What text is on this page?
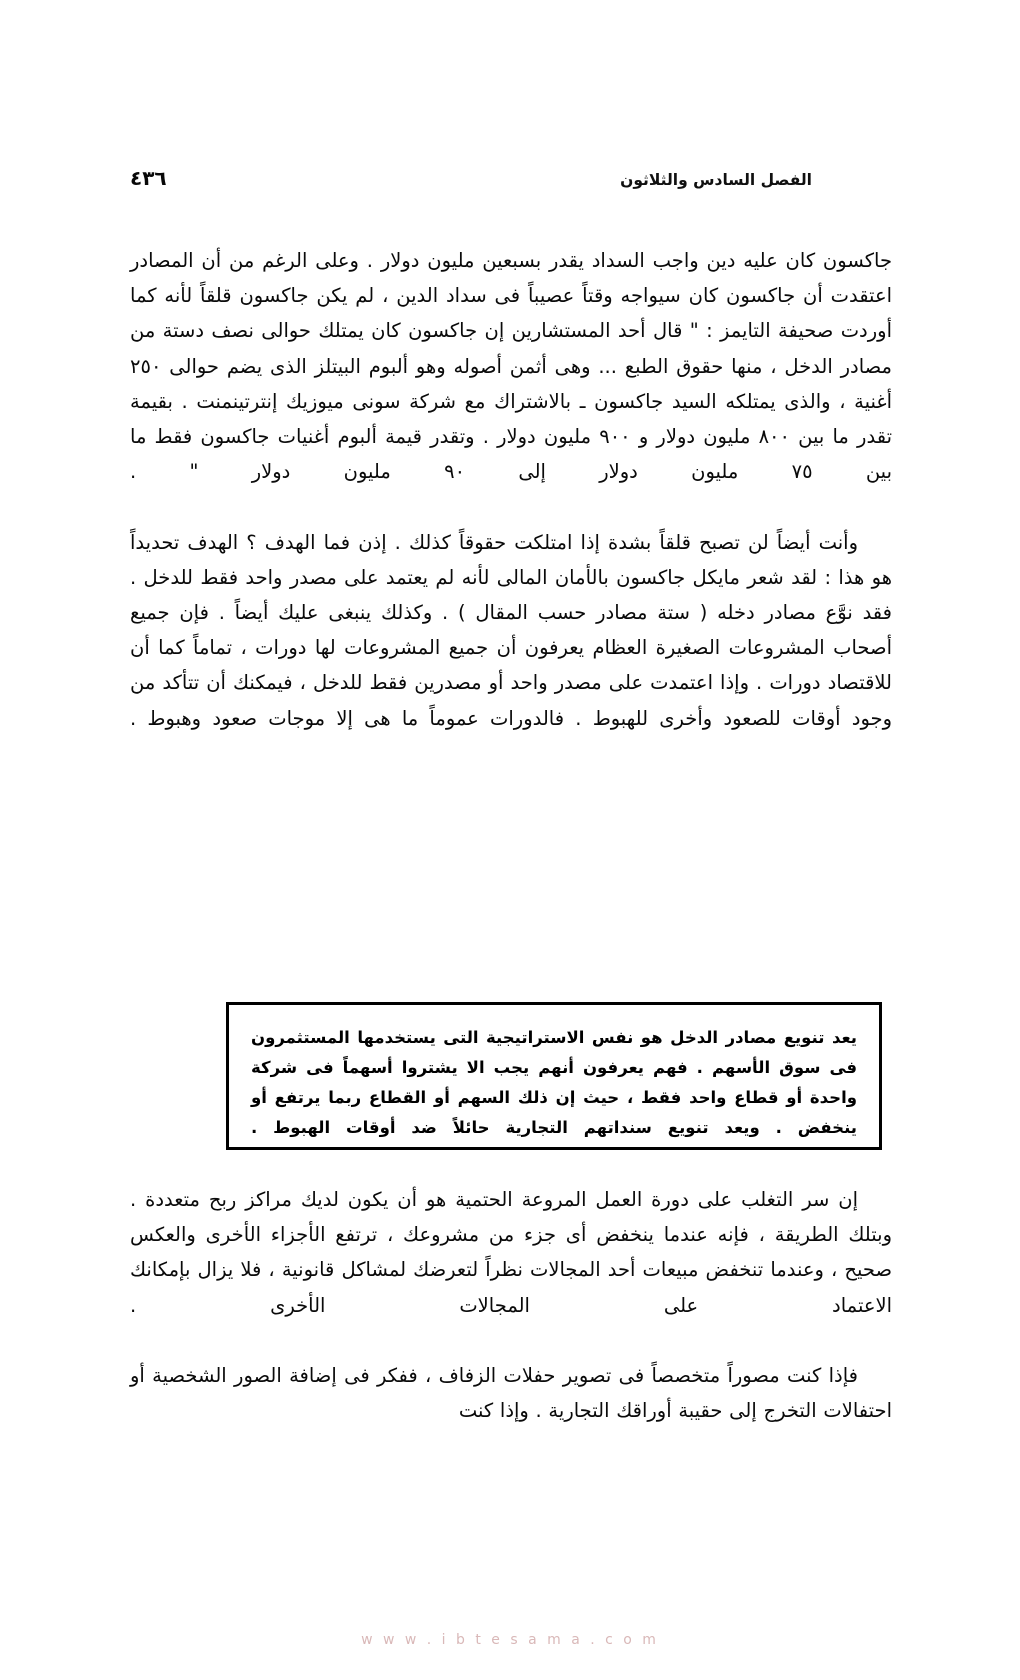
٤٣٦	الفصل السادس والثلاثون

جاكسون كان عليه دين واجب السداد يقدر بسبعين مليون دولار . وعلى الرغم من أن المصادر اعتقدت أن جاكسون كان سيواجه وقتاً عصيباً فى سداد الدين ، لم يكن جاكسون قلقاً لأنه كما أوردت صحيفة التايمز : " قال أحد المستشارين إن جاكسون كان يمتلك حوالى نصف دستة من مصادر الدخل ، منها حقوق الطبع ... وهى أثمن أصوله وهو ألبوم البيتلز الذى يضم حوالى ٢٥٠ أغنية ، والذى يمتلكه السيد جاكسون ـ بالاشتراك مع شركة سونى ميوزيك إنترتينمنت . بقيمة تقدر ما بين ٨٠٠ مليون دولار و ٩٠٠ مليون دولار . وتقدر قيمة ألبوم أغنيات جاكسون فقط ما بين ٧٥ مليون دولار إلى ٩٠ مليون دولار " .

وأنت أيضاً لن تصبح قلقاً بشدة إذا امتلكت حقوقاً كذلك . إذن فما الهدف ؟ الهدف تحديداً هو هذا : لقد شعر مايكل جاكسون بالأمان المالى لأنه لم يعتمد على مصدر واحد فقط للدخل . فقد نوَّع مصادر دخله ( ستة مصادر حسب المقال ) . وكذلك ينبغى عليك أيضاً . فإن جميع أصحاب المشروعات الصغيرة العظام يعرفون أن جميع المشروعات لها دورات ، تماماً كما أن للاقتصاد دورات . وإذا اعتمدت على مصدر واحد أو مصدرين فقط للدخل ، فيمكنك أن تتأكد من وجود أوقات للصعود وأخرى للهبوط . فالدورات عموماً ما هى إلا موجات صعود وهبوط .

يعد تنويع مصادر الدخل هو نفس الاستراتيجية التى يستخدمها المستثمرون فى سوق الأسهم . فهم يعرفون أنهم يجب الا يشتروا أسهماً فى شركة واحدة أو قطاع واحد فقط ، حيث إن ذلك السهم أو القطاع ربما يرتفع أو ينخفض . ويعد تنويع سنداتهم التجارية حائلاً ضد أوقات الهبوط .

إن سر التغلب على دورة العمل المروعة الحتمية هو أن يكون لديك مراكز ربح متعددة . وبتلك الطريقة ، فإنه عندما ينخفض أى جزء من مشروعك ، ترتفع الأجزاء الأخرى والعكس صحيح ، وعندما تنخفض مبيعات أحد المجالات نظراً لتعرضك لمشاكل قانونية ، فلا يزال بإمكانك الاعتماد على المجالات الأخرى .

فإذا كنت مصوراً متخصصاً فى تصوير حفلات الزفاف ، ففكر فى إضافة الصور الشخصية أو احتفالات التخرج إلى حقيبة أوراقك التجارية . وإذا كنت

w w w . i b t e s a m a . c o m
